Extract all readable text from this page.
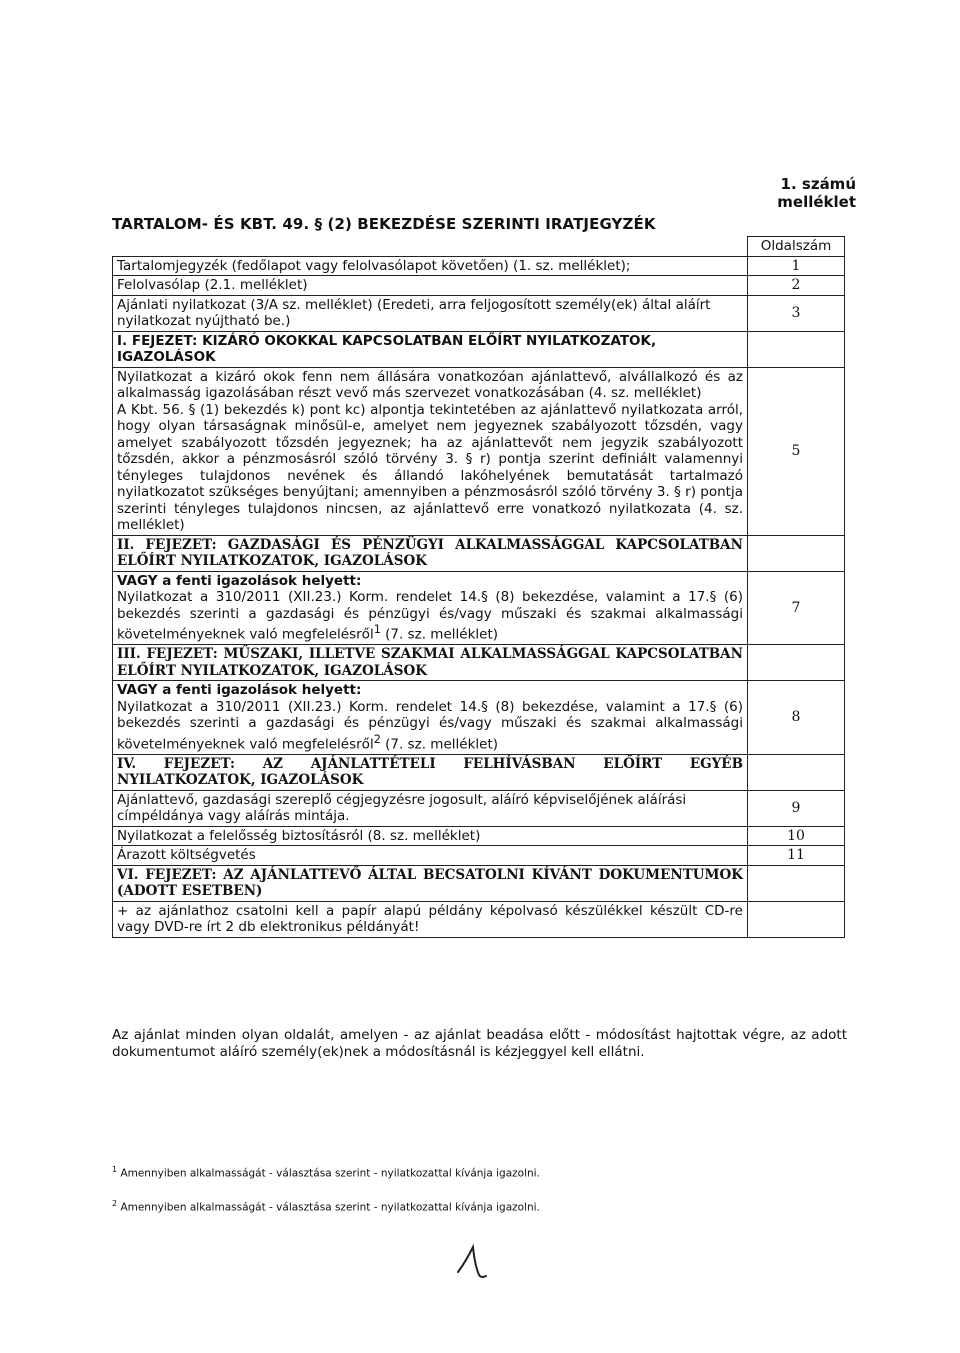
1. számú melléklet
TARTALOM- ÉS KBT. 49. § (2) BEKEZDÉSE SZERINTI IRATJEGYZÉK
	Oldalszám
Tartalomjegyzék (fedőlapot vagy felolvasólapot követően) (1. sz. melléklet);	1
Felolvasólap (2.1. melléklet)	2
Ajánlati nyilatkozat (3/A sz. melléklet) (Eredeti, arra feljogosított személy(ek) által aláírt nyilatkozat nyújtható be.)	3
I. FEJEZET: KIZÁRÓ OKOKKAL KAPCSOLATBAN ELŐÍRT NYILATKOZATOK, IGAZOLÁSOK	

Nyilatkozat a kizáró okok fenn nem állására vonatkozóan ajánlattevő, alvállalkozó és az alkalmasság igazolásában részt vevő más szervezet vonatkozásában (4. sz. melléklet)
A Kbt. 56. § (1) bekezdés k) pont kc) alpontja tekintetében az ajánlattevő nyilatkozata arról, hogy olyan társaságnak minősül-e, amelyet nem jegyeznek szabályozott tőzsdén, vagy amelyet szabályozott tőzsdén jegyeznek; ha az ajánlattevőt nem jegyzik szabályozott tőzsdén, akkor a pénzmosásról szóló törvény 3. § r) pontja szerint definiált valamennyi tényleges tulajdonos nevének és állandó lakóhelyének bemutatását tartalmazó nyilatkozatot szükséges benyújtani; amennyiben a pénzmosásról szóló törvény 3. § r) pontja szerinti tényleges tulajdonos nincsen, az ajánlattevő erre vonatkozó nyilatkozata (4. sz. melléklet)	5
II. FEJEZET: GAZDASÁGI ÉS PÉNZÜGYI ALKALMASSÁGGAL KAPCSOLATBAN ELŐÍRT NYILATKOZATOK, IGAZOLÁSOK	

VAGY a fenti igazolások helyett:
Nyilatkozat a 310/2011 (XII.23.) Korm. rendelet 14.§ (8) bekezdése, valamint a 17.§ (6) bekezdés szerinti a gazdasági és pénzügyi és/vagy műszaki és szakmai alkalmassági követelményeknek való megfelelésről$^1$ (7. sz. melléklet)	7
III. FEJEZET: MŰSZAKI, ILLETVE SZAKMAI ALKALMASSÁGGAL KAPCSOLATBAN ELŐÍRT NYILATKOZATOK, IGAZOLÁSOK	

VAGY a fenti igazolások helyett:
Nyilatkozat a 310/2011 (XII.23.) Korm. rendelet 14.§ (8) bekezdése, valamint a 17.§ (6) bekezdés szerinti a gazdasági és pénzügyi és/vagy műszaki és szakmai alkalmassági követelményeknek való megfelelésről$^2$ (7. sz. melléklet)	8
IV. FEJEZET: AZ AJÁNLATTÉTELI FELHÍVÁSBAN ELŐÍRT EGYÉB NYILATKOZATOK, IGAZOLÁSOK	
Ajánlattevő, gazdasági szereplő cégjegyzésre jogosult, aláíró képviselőjének aláírási címpéldánya vagy aláírás mintája.	9
Nyilatkozat a felelősség biztosításról (8. sz. melléklet)	10
Árazott költségvetés	11
VI. FEJEZET: AZ AJÁNLATTEVŐ ÁLTAL BECSATOLNI KÍVÁNT DOKUMENTUMOK (ADOTT ESETBEN)	
+ az ajánlathoz csatolni kell a papír alapú példány képolvasó készülékkel készült CD-re vagy DVD-re írt 2 db elektronikus példányát!	
Az ajánlat minden olyan oldalát, amelyen - az ajánlat beadása előtt - módosítást hajtottak végre, az adott dokumentumot aláíró személy(ek)nek a módosításnál is kézjeggyel kell ellátni.
$^1$ Amennyiben alkalmasságát - választása szerint - nyilatkozattal kívánja igazolni.
$^2$ Amennyiben alkalmasságát - választása szerint - nyilatkozattal kívánja igazolni.
